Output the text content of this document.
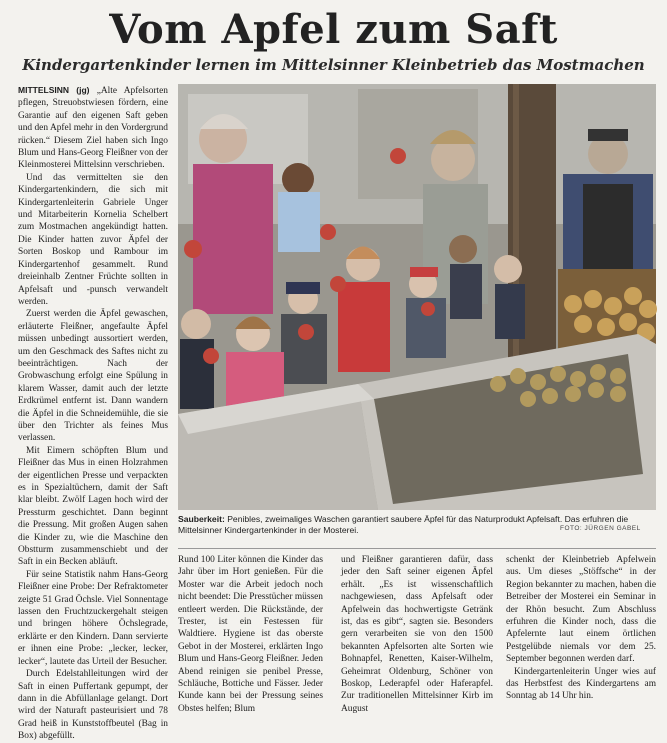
Vom Apfel zum Saft
Kindergartenkinder lernen im Mittelsinner Kleinbetrieb das Mostmachen

MITTELSINN (jg) „Alte Apfelsorten pflegen, Streuobstwiesen fördern, eine Garantie auf den eigenen Saft geben und den Apfel mehr in den Vordergrund rücken.“ Diesem Ziel haben sich Ingo Blum und Hans-Georg Fleißner von der Kleinmosterei Mittelsinn verschrieben.

Und das vermittelten sie den Kindergartenkindern, die sich mit Kindergartenleiterin Gabriele Unger und Mitarbeiterin Kornelia Schelbert zum Mostmachen angekündigt hatten. Die Kinder hatten zuvor Äpfel der Sorten Boskop und Rambour im Kindergartenhof gesammelt. Rund dreieinhalb Zentner Früchte sollten in Apfelsaft und -punsch verwandelt werden.

Zuerst werden die Äpfel gewaschen, erläuterte Fleißner, angefaulte Äpfel müssen unbedingt aussortiert werden, um den Geschmack des Saftes nicht zu beeinträchtigen. Nach der Grobwaschung erfolgt eine Spülung in klarem Wasser, damit auch der letzte Erdkrümel entfernt ist. Dann wandern die Äpfel in die Schneidemühle, die sie über den Trichter als feines Mus verlassen.

Mit Eimern schöpften Blum und Fleißner das Mus in einen Holzrahmen der eigentlichen Presse und verpackten es in Spezialtüchern, damit der Saft klar bleibt. Zwölf Lagen hoch wird der Pressturm geschichtet. Dann beginnt die Pressung. Mit großen Augen sahen die Kinder zu, wie die Maschine den Obstturm zusammenschiebt und der Saft in ein Becken abläuft.

Für seine Statistik nahm Hans-Georg Fleißner eine Probe: Der Refraktometer zeigte 51 Grad Öchsle. Viel Sonnentage lassen den Fruchtzuckergehalt steigen und bringen höhere Öchslegrade, erklärte er den Kindern. Dann servierte er ihnen eine Probe: „lecker, lecker, lecker“, lautete das Urteil der Besucher.

Durch Edelstahlleitungen wird der Saft in einen Puffertank gepumpt, der dann in die Abfüllanlage gelangt. Dort wird der Naturaft pasteurisiert und 78 Grad heiß in Kunststoffbeutel (Bag in Box) abgefüllt.

Sauberkeit: Penibles, zweimaliges Waschen garantiert saubere Äpfel für das Naturprodukt Apfelsaft. Das erfuhren die Mittelsinner Kindergartenkinder in der Mosterei.	FOTO: JÜRGEN GABEL

Rund 100 Liter können die Kinder das Jahr über im Hort genießen. Für die Moster war die Arbeit jedoch noch nicht beendet: Die Presstücher müssen entleert werden. Die Rückstände, der Trester, ist ein Festessen für Waldtiere. Hygiene ist das oberste Gebot in der Mosterei, erklärten Ingo Blum und Hans-Georg Fleißner. Jeden Abend reinigen sie penibel Presse, Schläuche, Bottiche und Fässer. Jeder Kunde kann bei der Pressung seines Obstes helfen; Blum

und Fleißner garantieren dafür, dass jeder den Saft seiner eigenen Äpfel erhält. „Es ist wissenschaftlich nachgewiesen, dass Apfelsaft oder Apfelwein das hochwertigste Getränk ist, das es gibt“, sagten sie. Besonders gern verarbeiten sie von den 1500 bekannten Apfelsorten alte Sorten wie Bohnapfel, Renetten, Kaiser-Wilhelm, Geheimrat Oldenburg, Schöner von Boskop, Lederapfel oder Haferapfel. Zur traditionellen Mittelsinner Kirb im August

schenkt der Kleinbetrieb Apfelwein aus. Um dieses „Stöffsche“ in der Region bekannter zu machen, haben die Betreiber der Mosterei ein Seminar in der Rhön besucht. Zum Abschluss erfuhren die Kinder noch, dass die Apfelernte laut einem örtlichen Pestgelübde niemals vor dem 25. September begonnen werden darf.

Kindergartenleiterin Unger wies auf das Herbstfest des Kindergartens am Sonntag ab 14 Uhr hin.
